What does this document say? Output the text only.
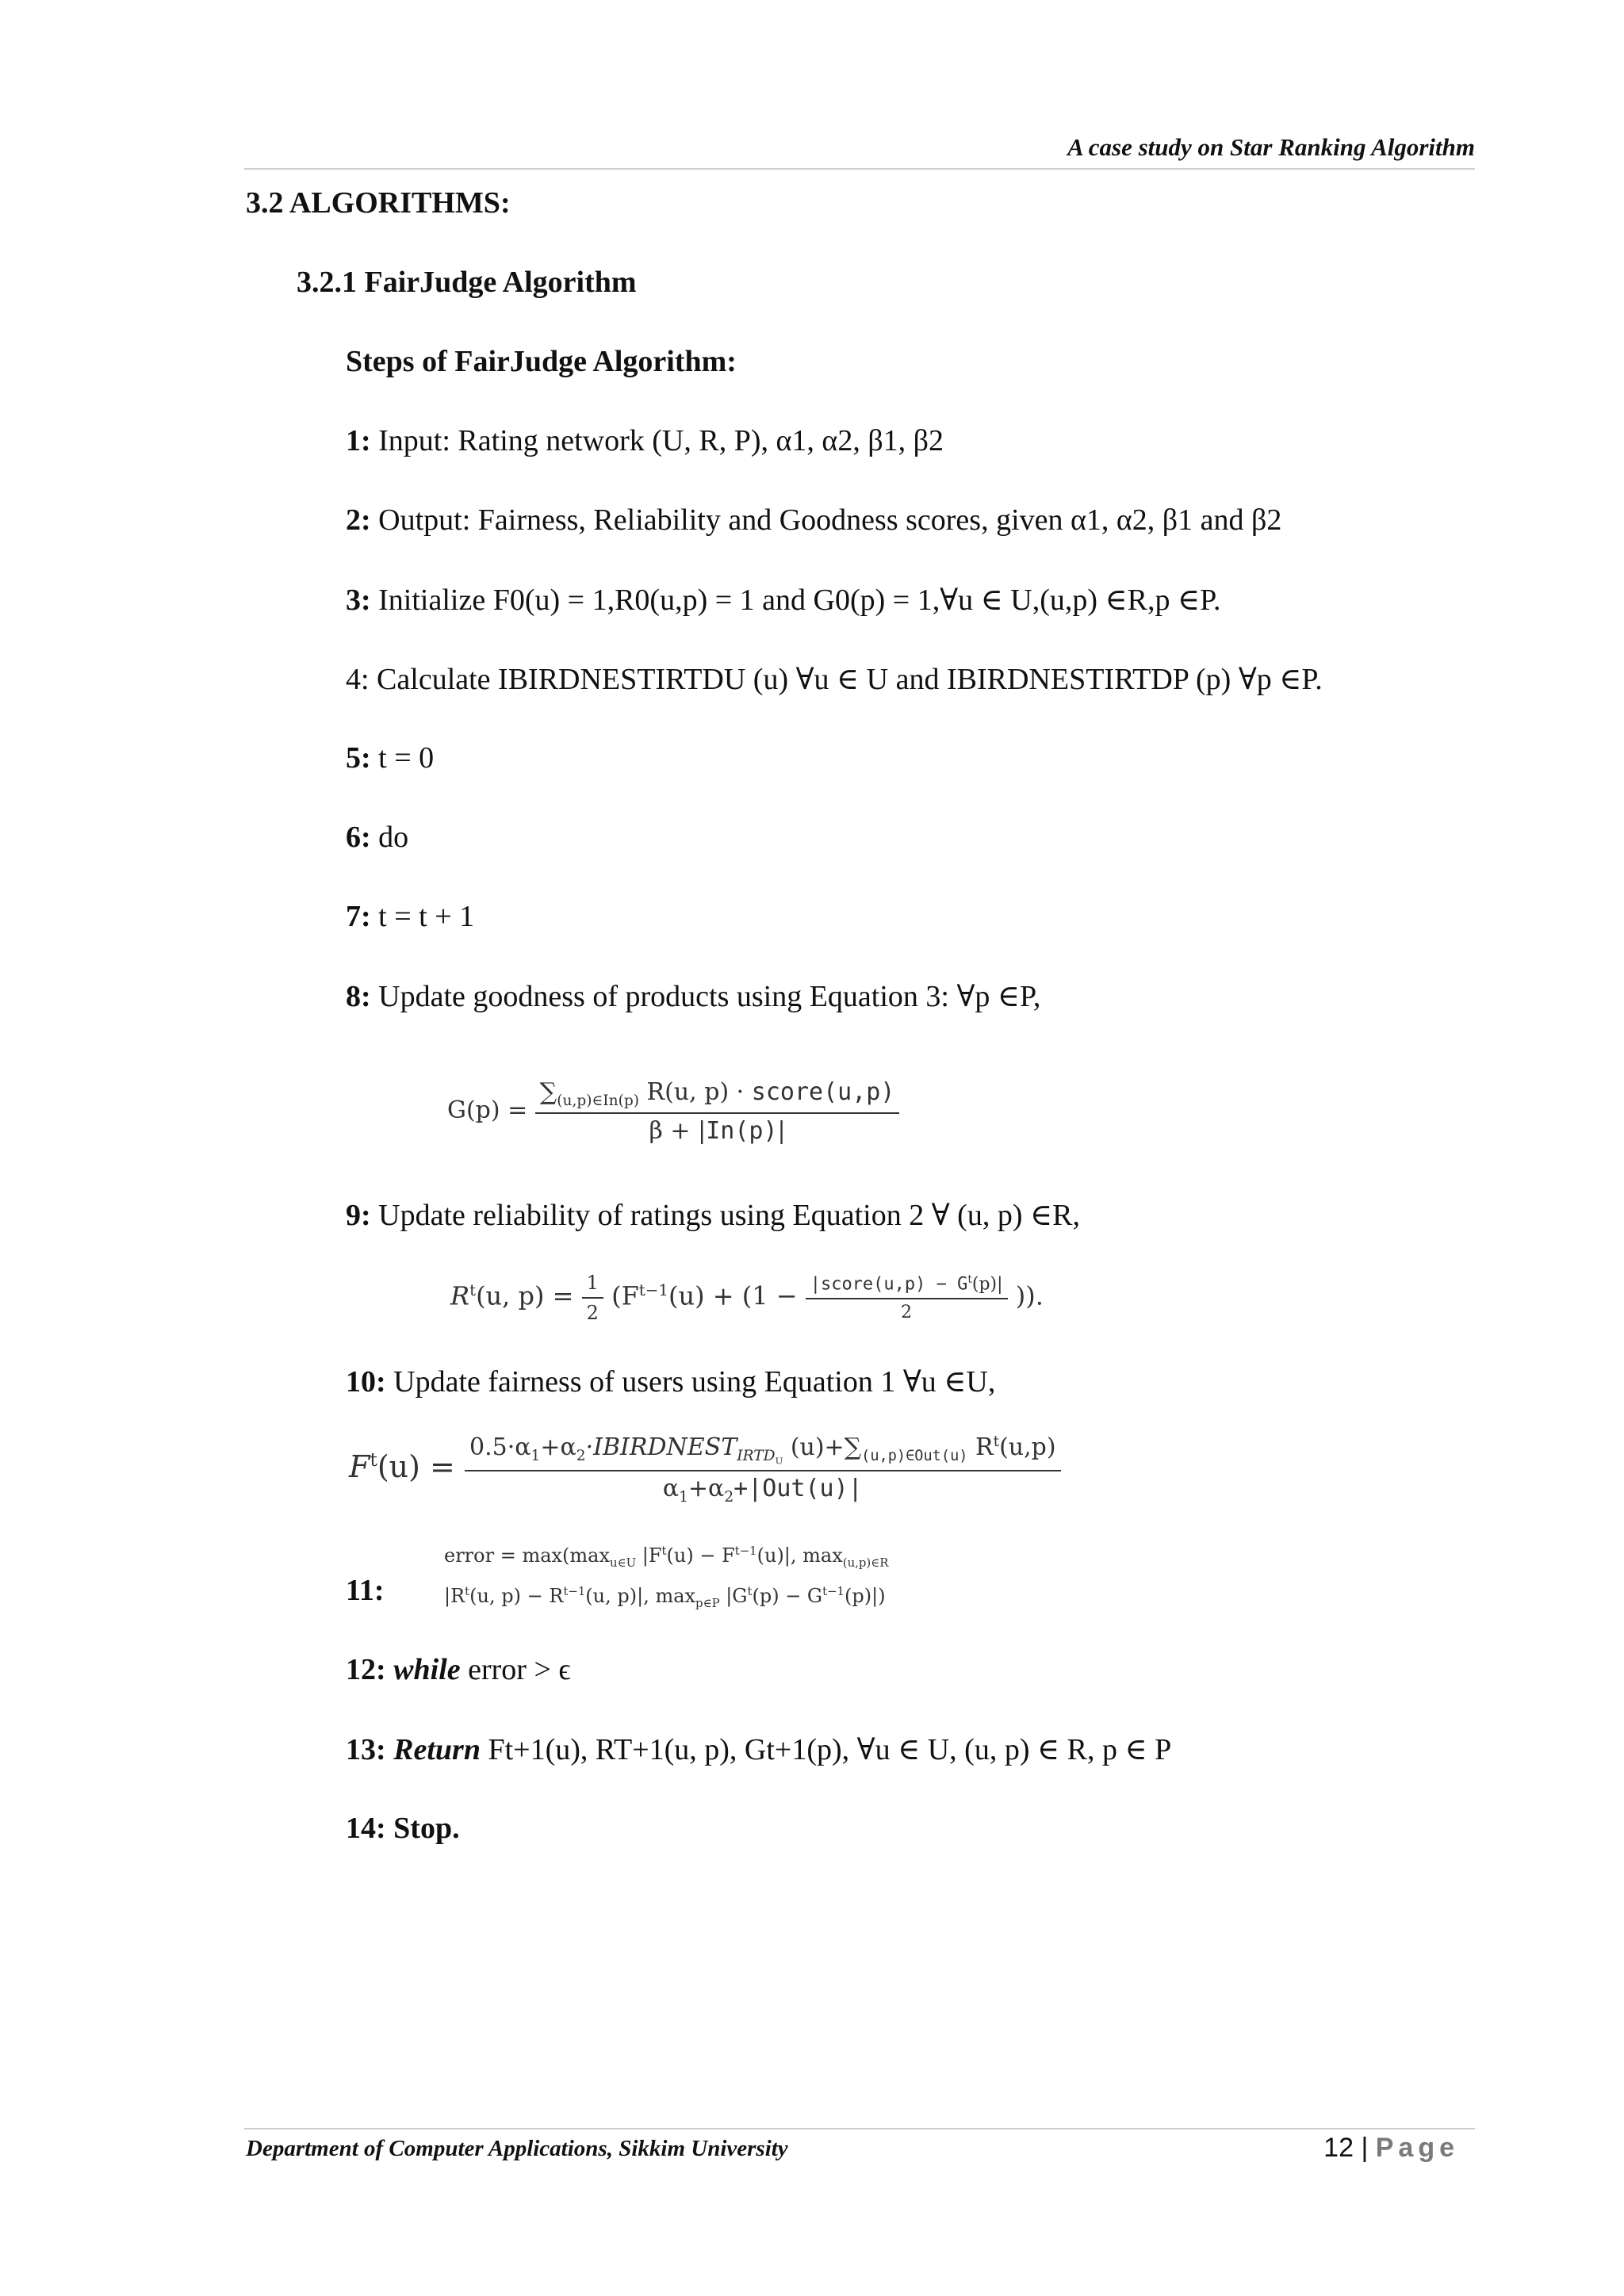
A case study on Star Ranking Algorithm
3.2 ALGORITHMS:
3.2.1 FairJudge Algorithm
Steps of FairJudge Algorithm:
1: Input: Rating network (U, R, P), α1, α2, β1, β2
2: Output: Fairness, Reliability and Goodness scores, given α1, α2, β1 and β2
3: Initialize F0(u) = 1,R0(u,p) = 1 and G0(p) = 1,∀u ∈ U,(u,p) ∈R,p ∈P.
4: Calculate IBIRDNESTIRTDU (u) ∀u ∈ U and IBIRDNESTIRTDP (p) ∀p ∈P.
5: t = 0
6: do
7: t = t + 1
8: Update goodness of products using Equation 3: ∀p ∈P,
$G(p) = \frac{\sum_{(u,p)\in In(p)} R(u, p) \cdot score(u,p)}{\beta + |In(p)|}$
9: Update reliability of ratings using Equation 2 ∀ (u, p) ∈R,
$R^t(u$, $p) = \frac{1}{2} (F^{t-1}(u) + (1 - \frac{|score(u,p) - G^t(p)|}{2}$ )).
10: Update fairness of users using Equation 1 ∀u ∈U,
$F^t(u) = \frac{0.5\cdot\alpha_1+\alpha_2\cdot IBIRDNEST_{IRTD_U} (u)+\sum_{(u,p)\in Out(u)} R^t(u,p)}{\alpha_1+\alpha_2+|Out(u)|}$
11:
error = $\max(\max_{u\in U}$ $|F^t(u) - F^{t-1}(u)|$, $\max_{(u,p)\in R}$
$|R^t(u$, $p) - R^{t-1}(u$, p)|, $\max_{p\in P} |G^t(p) - G^{t-1}(p)|$)
12: while error > ϵ
13: Return Ft+1(u), RT+1(u, p), Gt+1(p), ∀u ∈ U, (u, p) ∈ R, p ∈ P
14: Stop.
Department of Computer Applications, Sikkim University	12 | Page
